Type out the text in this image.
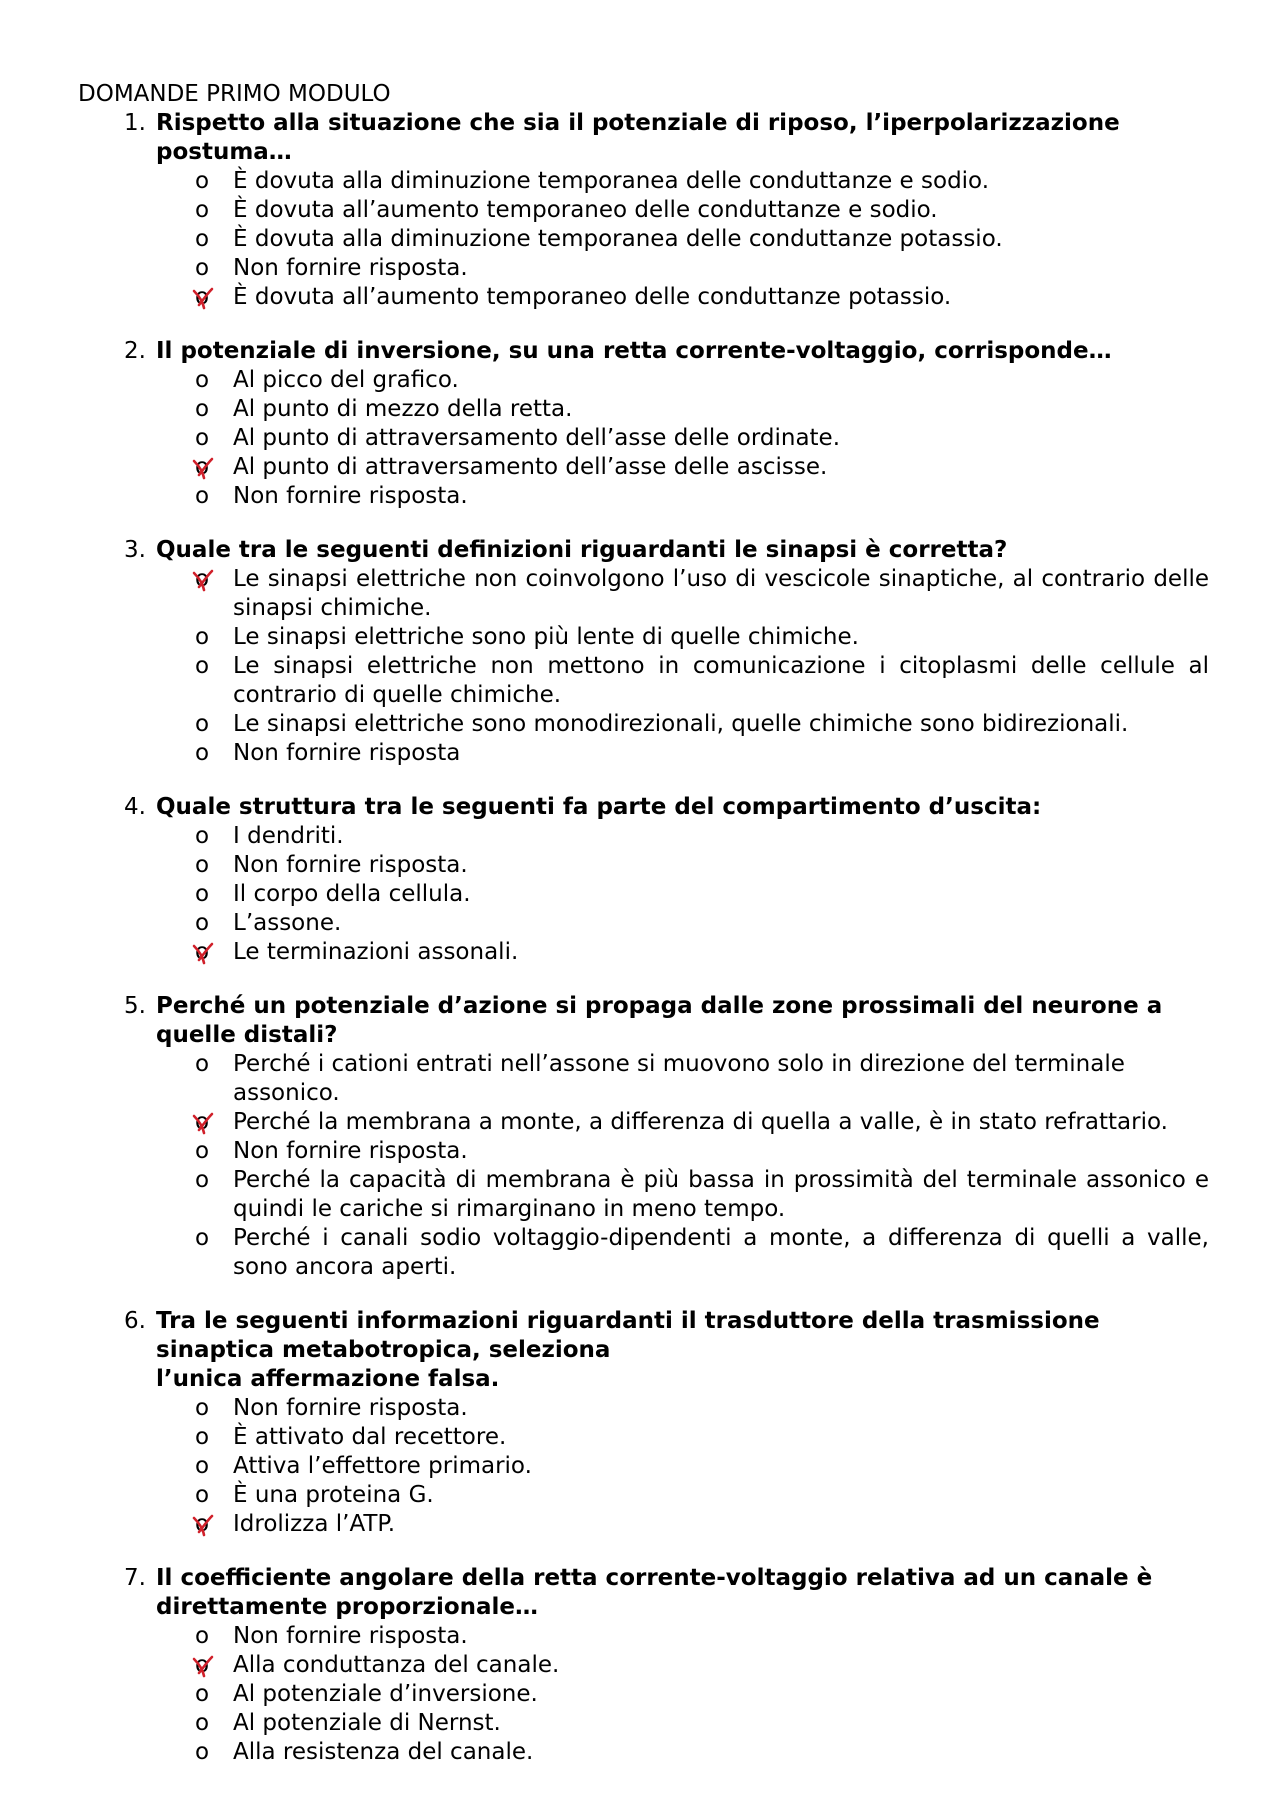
DOMANDE PRIMO MODULO
1. Rispetto alla situazione che sia il potenziale di riposo, l’iperpolarizzazione
postuma…
o È dovuta alla diminuzione temporanea delle conduttanze e sodio.
o È dovuta all’aumento temporaneo delle conduttanze e sodio.
o È dovuta alla diminuzione temporanea delle conduttanze potassio.
o Non fornire risposta.
o È dovuta all’aumento temporaneo delle conduttanze potassio.
2. Il potenziale di inversione, su una retta corrente-voltaggio, corrisponde…
o Al picco del grafico.
o Al punto di mezzo della retta.
o Al punto di attraversamento dell’asse delle ordinate.
o Al punto di attraversamento dell’asse delle ascisse.
o Non fornire risposta.
3. Quale tra le seguenti definizioni riguardanti le sinapsi è corretta?
o Le sinapsi elettriche non coinvolgono l’uso di vescicole sinaptiche, al contrario delle sinapsi chimiche.
o Le sinapsi elettriche sono più lente di quelle chimiche.
o Le sinapsi elettriche non mettono in comunicazione i citoplasmi delle cellule al contrario di quelle chimiche.
o Le sinapsi elettriche sono monodirezionali, quelle chimiche sono bidirezionali.
o Non fornire risposta
4. Quale struttura tra le seguenti fa parte del compartimento d’uscita:
o I dendriti.
o Non fornire risposta.
o Il corpo della cellula.
o L’assone.
o Le terminazioni assonali.
5. Perché un potenziale d’azione si propaga dalle zone prossimali del neurone a
quelle distali?
o Perché i cationi entrati nell’assone si muovono solo in direzione del terminale assonico.
o Perché la membrana a monte, a differenza di quella a valle, è in stato refrattario.
o Non fornire risposta.
o Perché la capacità di membrana è più bassa in prossimità del terminale assonico e quindi le cariche si rimarginano in meno tempo.
o Perché i canali sodio voltaggio-dipendenti a monte, a differenza di quelli a valle, sono ancora aperti.
6. Tra le seguenti informazioni riguardanti il trasduttore della trasmissione
sinaptica metabotropica, seleziona
l’unica affermazione falsa.
o Non fornire risposta.
o È attivato dal recettore.
o Attiva l’effettore primario.
o È una proteina G.
o Idrolizza l’ATP.
7. Il coefficiente angolare della retta corrente-voltaggio relativa ad un canale è
direttamente proporzionale…
o Non fornire risposta.
o Alla conduttanza del canale.
o Al potenziale d’inversione.
o Al potenziale di Nernst.
o Alla resistenza del canale.
